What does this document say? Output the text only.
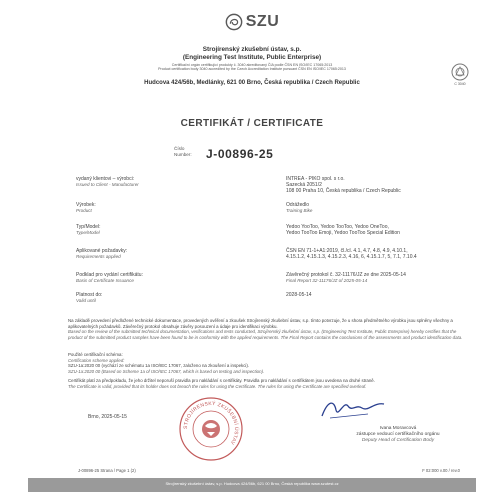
SZU
Strojírenský zkušební ústav, s.p.
(Engineering Test Institute, Public Enterprise)
Certifikační orgán certifikující produkty č. 3040 akreditovaný ČIA podle ČSN EN ISO/IEC 17065:2013
Product certification body 3040 accredited by the Czech Accreditation Institute pursuant ČSN EN ISO/IEC 17065:2013
Hudcova 424/56b, Medlánky, 621 00 Brno, Česká republika / Czech Republic	C 3040
CERTIFIKÁT / CERTIFICATE
Číslo
Number: J-00896-25
vydaný klientovi – výrobci:
Issued to Client - Manufacturer
INTREA - PIKO spol. s r.o.
Sazecká 2051/2
108 00 Praha 10, Česká republika / Czech Republic
Výrobek:
Product
Odrážedlo
Training Bike
Typ/Model:
Type/Model
Yedoo YooToo, Yedoo TooToo, Yedoo OneToo,
Yedoo TooToo Emoji, Yedoo TooToo Special Edition
Aplikované požadavky:
Requirements applied
ČSN EN 71-1+A1:2019, čl./cl. 4.1, 4.7, 4.8, 4.9, 4.10.1,
4.15.1.2, 4.15.1.3, 4.15.2.3, 4.16, 6, 4.15.1.7, 5, 7.1, 7.10.4
Podklad pro vydání certifikátu:
Basis of Certificate Issuance
Závěrečný protokol č. 32-11176/JZ ze dne 2025-05-14
Final Report 32-11176/JZ of 2025-05-14
Platnost do:
Valid until
2028-05-14
Na základě provedení předložené technické dokumentace, provedených ověření a zkoušek Strojírenský zkušební ústav, s.p. tímto potvrzuje, že u shora předmětného výrobku jsou splněny všechny a aplikovatelných požadavků. Závěrečný protokol obsahuje závěry posouzení a údaje pro identifikaci výrobku.
Based on the review of the submitted technical documentation, verifications and tests conducted, Strojírenský zkušební ústav, s.p. (Engineering Test Institute, Public Enterprise) hereby certifies that the product of the submitted product samples have been found to be in conformity with the applied requirements. The Final Report contains the conclusions of the assessments and product identification data.
Použité certifikační schéma:
Certification scheme applied:
SZU-1a:2020 00 (vychází ze schématu 1a ISO/IEC 17067, založeno na zkoušení a inspekci).
SZU-1a:2020 00 (Based on Scheme 1a of ISO/IEC 17067, which is based on testing and inspection).
Certifikát platí za předpokladu, že jeho držitel neporuší pravidla pro nakládání s certifikáty. Pravidla pro nakládání s certifikátem jsou uvedena na druhé straně.
The Certificate is valid, provided that its holder does not breach the rules for using the Certificate. The rules for using the Certificate are specified overleaf.
Brno, 2025-05-15
STROJÍRENSKÝ ZKUŠEBNÍ ÚSTAV
Ivana Moravcová
zástupce vedoucí certifikačního orgánu
Deputy Head of Certification Body
J-00896-25 Strana / Page 1 (2)	F 02:000 v.00 / rev.0
Strojírenský zkušební ústav, s.p. Hudcova 424/56b, 621 00 Brno, Česká republika www.szutest.cz
